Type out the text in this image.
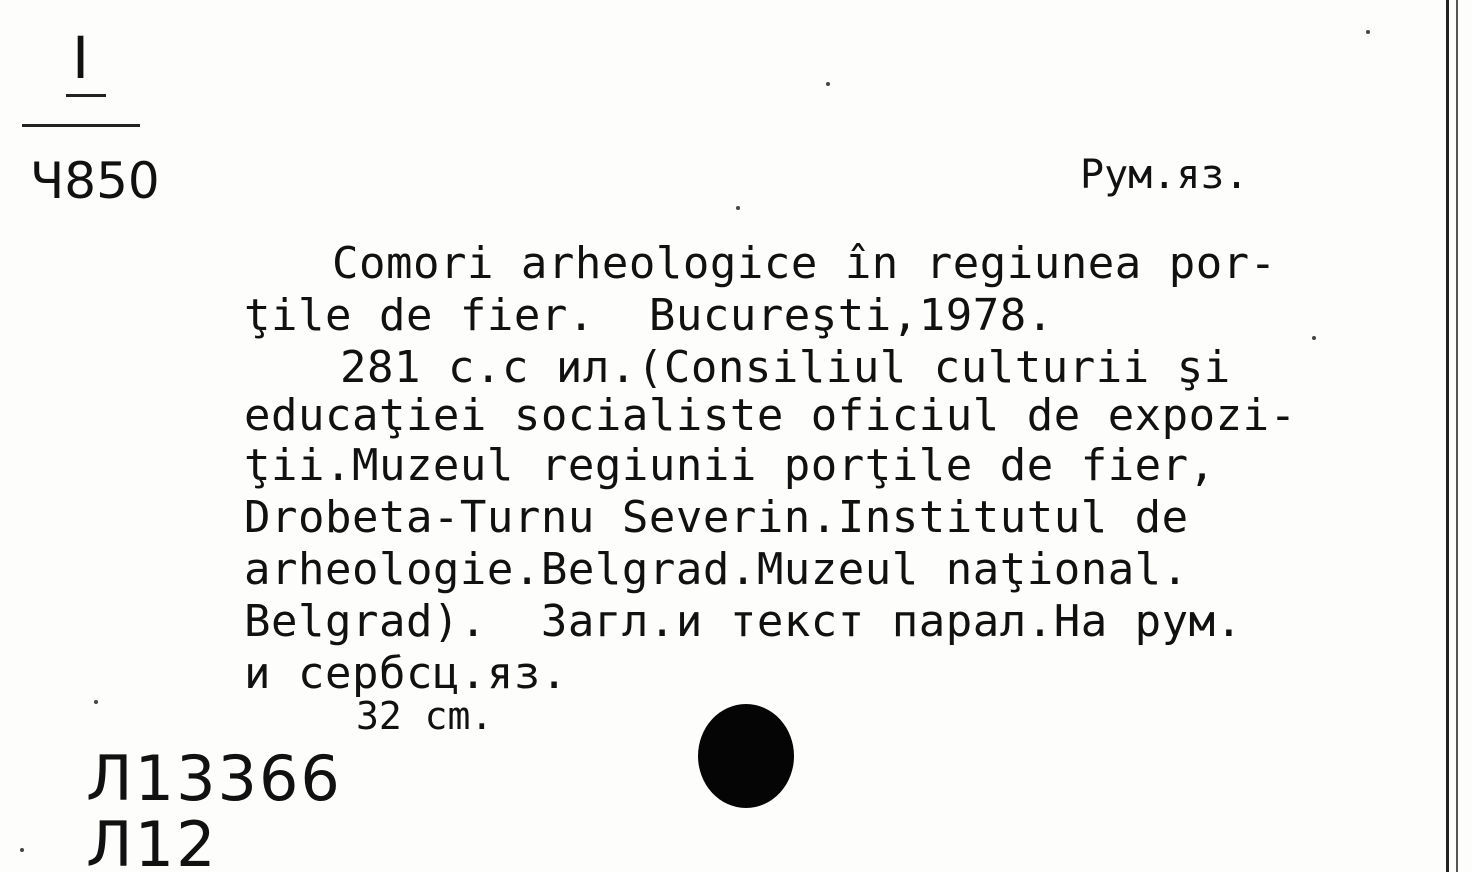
I
Ч850	Рум.яз.
Comori arheologice în regiunea por-
ţile de fier.  Bucureşti,1978.
281 c.c ил.(Consiliul culturii şi
educaţiei socialiste oficiul de expozi-
ţii.Muzeul regiunii porţile de fier,
Drobeta-Turnu Severin.Institutul de
arheologie.Belgrad.Muzeul naţional.
Belgrad).  Загл.и текст парал.На рум.
и сербсц.яз.
32 cm.
Л13366
Л12
